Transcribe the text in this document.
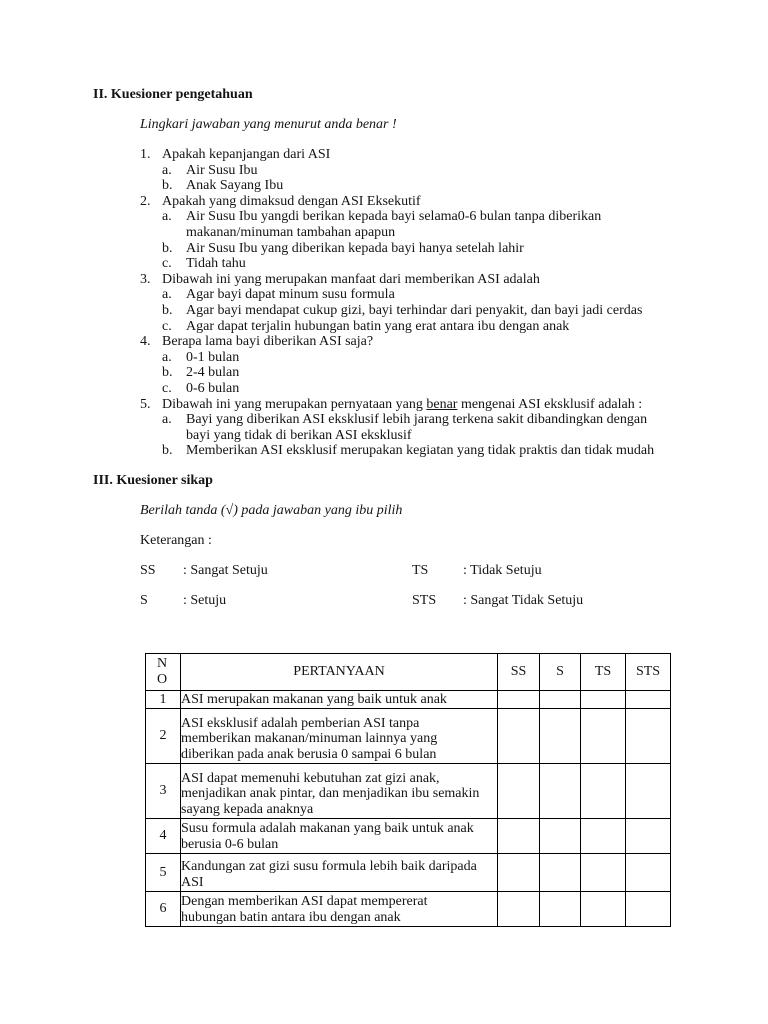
II. Kuesioner pengetahuan
Lingkari jawaban yang menurut anda benar !
1. Apakah kepanjangan dari ASI
a.	Air Susu Ibu
b. Anak Sayang Ibu
2. Apakah yang dimaksud dengan ASI Eksekutif
a.	Air Susu Ibu yangdi berikan kepada bayi selama0-6 bulan tanpa diberikan
makanan/minuman tambahan apapun
b. Air Susu Ibu yang diberikan kepada bayi hanya setelah lahir
c.	Tidah tahu
3. Dibawah ini yang merupakan manfaat dari memberikan ASI adalah
a.	Agar bayi dapat minum susu formula
b. Agar bayi mendapat cukup gizi, bayi terhindar dari penyakit, dan bayi jadi cerdas
c.	Agar dapat terjalin hubungan batin yang erat antara ibu dengan anak
4. Berapa lama bayi diberikan ASI saja?
a.	0-1 bulan
b. 2-4 bulan
c.	0-6 bulan
5. Dibawah ini yang merupakan pernyataan yang benar mengenai ASI eksklusif adalah :
a.	Bayi yang diberikan ASI eksklusif lebih jarang terkena sakit dibandingkan dengan
bayi yang tidak di berikan ASI eksklusif
b. Memberikan ASI eksklusif merupakan kegiatan yang tidak praktis dan tidak mudah
III. Kuesioner sikap
Berilah tanda (√) pada jawaban yang ibu pilih
Keterangan :
SS	: Sangat Setuju	TS	: Tidak Setuju
S	: Setuju	STS	: Sangat Tidak Setuju
NO	PERTANYAAN	SS	S	TS	STS
1	ASI merupakan makanan yang baik untuk anak				

2	ASI eksklusif adalah pemberian ASI tanpa
memberikan makanan/minuman lainnya yang
diberikan pada anak berusia 0 sampai 6 bulan				

3	ASI dapat memenuhi kebutuhan zat gizi anak,
menjadikan anak pintar, dan menjadikan ibu semakin
sayang kepada anaknya				

4	Susu formula adalah makanan yang baik untuk anak
berusia 0-6 bulan				

5	Kandungan zat gizi susu formula lebih baik daripada
ASI				

6	Dengan memberikan ASI dapat mempererat
hubungan batin antara ibu dengan anak				
